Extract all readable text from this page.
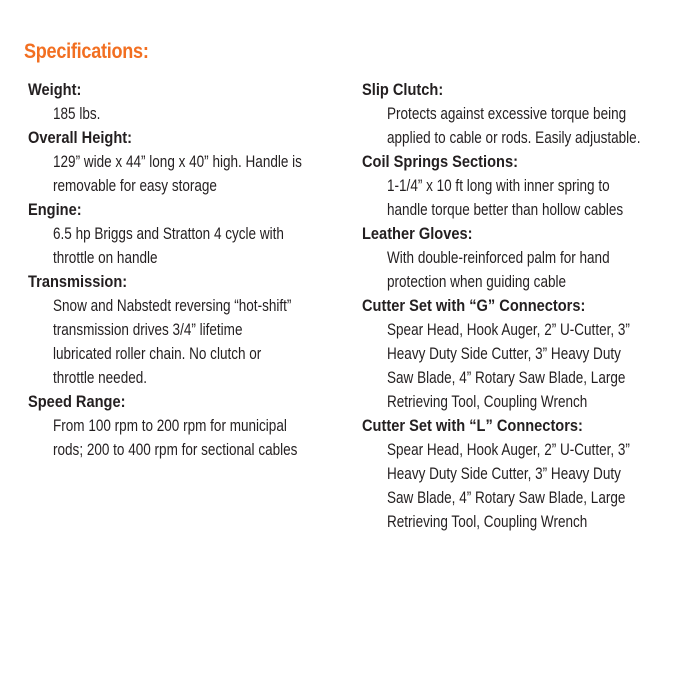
Specifications:
Weight:
185 lbs.
Overall Height:
129” wide x 44” long x 40” high. Handle is
removable for easy storage
Engine:
6.5 hp Briggs and Stratton 4 cycle with
throttle on handle
Transmission:
Snow and Nabstedt reversing “hot-shift”
transmission drives 3/4” lifetime
lubricated roller chain. No clutch or
throttle needed.
Speed Range:
From 100 rpm to 200 rpm for municipal
rods; 200 to 400 rpm for sectional cables
Slip Clutch:
Protects against excessive torque being
applied to cable or rods. Easily adjustable.
Coil Springs Sections:
1-1/4” x 10 ft long with inner spring to
handle torque better than hollow cables
Leather Gloves:
With double-reinforced palm for hand
protection when guiding cable
Cutter Set with “G” Connectors:
Spear Head, Hook Auger, 2” U-Cutter, 3”
Heavy Duty Side Cutter, 3” Heavy Duty
Saw Blade, 4” Rotary Saw Blade, Large
Retrieving Tool, Coupling Wrench
Cutter Set with “L” Connectors:
Spear Head, Hook Auger, 2” U-Cutter, 3”
Heavy Duty Side Cutter, 3” Heavy Duty
Saw Blade, 4” Rotary Saw Blade, Large
Retrieving Tool, Coupling Wrench
